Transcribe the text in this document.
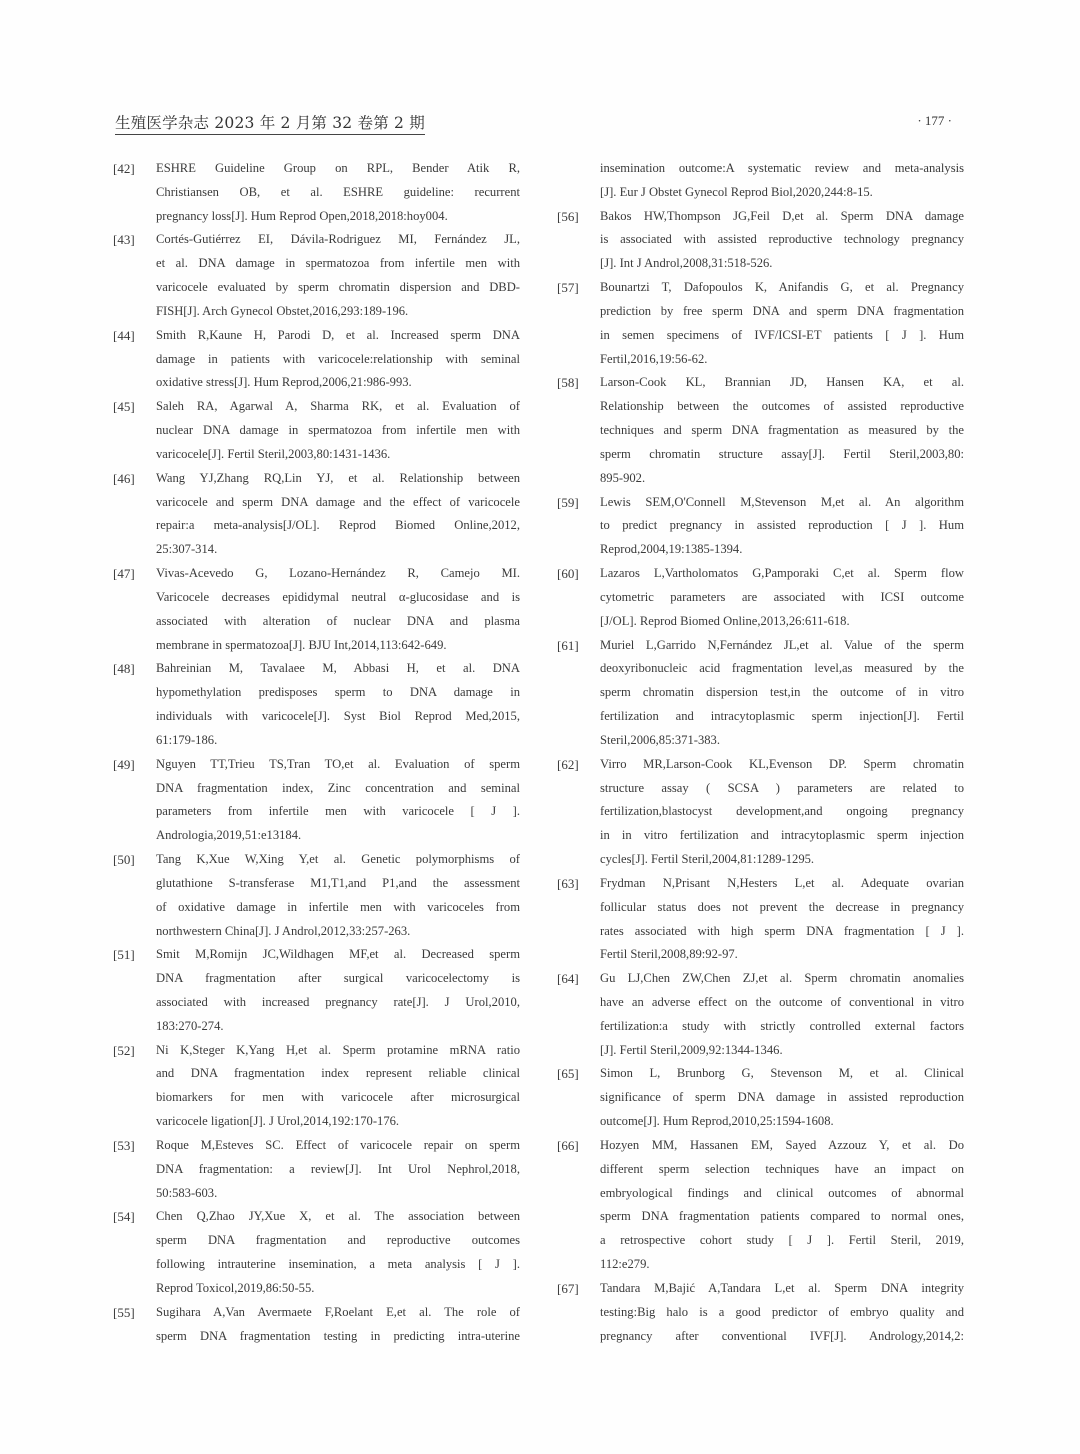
生殖医学杂志 2023 年 2 月第 32 卷第 2 期	· 177 ·
[42] ESHRE Guideline Group on RPL, Bender Atik R,
Christiansen OB, et al. ESHRE guideline: recurrent
pregnancy loss[J]. Hum Reprod Open,2018,2018:hoy004.
[43] Cortés-Gutiérrez EI, Dávila-Rodriguez MI, Fernández JL,
et al. DNA damage in spermatozoa from infertile men with
varicocele evaluated by sperm chromatin dispersion and DBD-
FISH[J]. Arch Gynecol Obstet,2016,293:189-196.
[44] Smith R,Kaune H, Parodi D, et al. Increased sperm DNA
damage in patients with varicocele:relationship with seminal
oxidative stress[J]. Hum Reprod,2006,21:986-993.
[45] Saleh RA, Agarwal A, Sharma RK, et al. Evaluation of
nuclear DNA damage in spermatozoa from infertile men with
varicocele[J]. Fertil Steril,2003,80:1431-1436.
[46] Wang YJ,Zhang RQ,Lin YJ, et al. Relationship between
varicocele and sperm DNA damage and the effect of varicocele
repair:a meta-analysis[J/OL]. Reprod Biomed Online,2012,
25:307-314.
[47] Vivas-Acevedo G, Lozano-Hernández R, Camejo MI.
Varicocele decreases epididymal neutral α-glucosidase and is
associated with alteration of nuclear DNA and plasma
membrane in spermatozoa[J]. BJU Int,2014,113:642-649.
[48] Bahreinian M, Tavalaee M, Abbasi H, et al. DNA
hypomethylation predisposes sperm to DNA damage in
individuals with varicocele[J]. Syst Biol Reprod Med,2015,
61:179-186.
[49] Nguyen TT,Trieu TS,Tran TO,et al. Evaluation of sperm
DNA fragmentation index, Zinc concentration and seminal
parameters from infertile men with varicocele [ J ].
Andrologia,2019,51:e13184.
[50] Tang K,Xue W,Xing Y,et al. Genetic polymorphisms of
glutathione S-transferase M1,T1,and P1,and the assessment
of oxidative damage in infertile men with varicoceles from
northwestern China[J]. J Androl,2012,33:257-263.
[51] Smit M,Romijn JC,Wildhagen MF,et al. Decreased sperm
DNA fragmentation after surgical varicocelectomy is
associated with increased pregnancy rate[J]. J Urol,2010,
183:270-274.
[52] Ni K,Steger K,Yang H,et al. Sperm protamine mRNA ratio
and DNA fragmentation index represent reliable clinical
biomarkers for men with varicocele after microsurgical
varicocele ligation[J]. J Urol,2014,192:170-176.
[53] Roque M,Esteves SC. Effect of varicocele repair on sperm
DNA fragmentation: a review[J]. Int Urol Nephrol,2018,
50:583-603.
[54] Chen Q,Zhao JY,Xue X, et al. The association between
sperm DNA fragmentation and reproductive outcomes
following intrauterine insemination, a meta analysis [ J ].
Reprod Toxicol,2019,86:50-55.
[55] Sugihara A,Van Avermaete F,Roelant E,et al. The role of
sperm DNA fragmentation testing in predicting intra-uterine
insemination outcome:A systematic review and meta-analysis
[J]. Eur J Obstet Gynecol Reprod Biol,2020,244:8-15.
[56] Bakos HW,Thompson JG,Feil D,et al. Sperm DNA damage
is associated with assisted reproductive technology pregnancy
[J]. Int J Androl,2008,31:518-526.
[57] Bounartzi T, Dafopoulos K, Anifandis G, et al. Pregnancy
prediction by free sperm DNA and sperm DNA fragmentation
in semen specimens of IVF/ICSI-ET patients [ J ]. Hum
Fertil,2016,19:56-62.
[58] Larson-Cook KL, Brannian JD, Hansen KA, et al.
Relationship between the outcomes of assisted reproductive
techniques and sperm DNA fragmentation as measured by the
sperm chromatin structure assay[J]. Fertil Steril,2003,80:
895-902.
[59] Lewis SEM,O'Connell M,Stevenson M,et al. An algorithm
to predict pregnancy in assisted reproduction [ J ]. Hum
Reprod,2004,19:1385-1394.
[60] Lazaros L,Vartholomatos G,Pamporaki C,et al. Sperm flow
cytometric parameters are associated with ICSI outcome
[J/OL]. Reprod Biomed Online,2013,26:611-618.
[61] Muriel L,Garrido N,Fernández JL,et al. Value of the sperm
deoxyribonucleic acid fragmentation level,as measured by the
sperm chromatin dispersion test,in the outcome of in vitro
fertilization and intracytoplasmic sperm injection[J]. Fertil
Steril,2006,85:371-383.
[62] Virro MR,Larson-Cook KL,Evenson DP. Sperm chromatin
structure assay ( SCSA ) parameters are related to
fertilization,blastocyst development,and ongoing pregnancy
in in vitro fertilization and intracytoplasmic sperm injection
cycles[J]. Fertil Steril,2004,81:1289-1295.
[63] Frydman N,Prisant N,Hesters L,et al. Adequate ovarian
follicular status does not prevent the decrease in pregnancy
rates associated with high sperm DNA fragmentation [ J ].
Fertil Steril,2008,89:92-97.
[64] Gu LJ,Chen ZW,Chen ZJ,et al. Sperm chromatin anomalies
have an adverse effect on the outcome of conventional in vitro
fertilization:a study with strictly controlled external factors
[J]. Fertil Steril,2009,92:1344-1346.
[65] Simon L, Brunborg G, Stevenson M, et al. Clinical
significance of sperm DNA damage in assisted reproduction
outcome[J]. Hum Reprod,2010,25:1594-1608.
[66] Hozyen MM, Hassanen EM, Sayed Azzouz Y, et al. Do
different sperm selection techniques have an impact on
embryological findings and clinical outcomes of abnormal
sperm DNA fragmentation patients compared to normal ones,
a retrospective cohort study [ J ]. Fertil Steril, 2019,
112:e279.
[67] Tandara M,Bajić A,Tandara L,et al. Sperm DNA integrity
testing:Big halo is a good predictor of embryo quality and
pregnancy after conventional IVF[J]. Andrology,2014,2:
